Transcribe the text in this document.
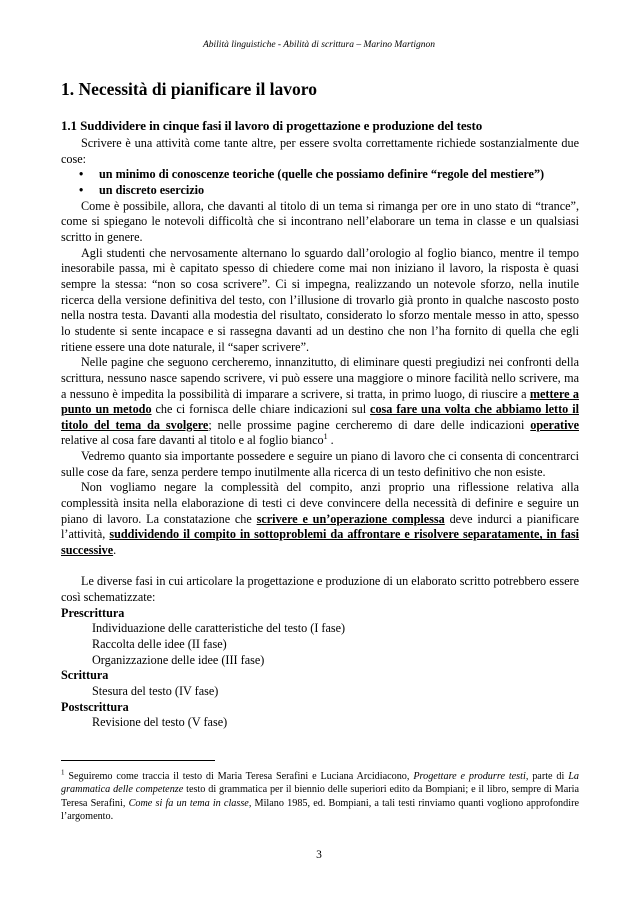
Abilità linguistiche - Abilità di scrittura – Marino Martignon
1. Necessità di pianificare il lavoro
1.1 Suddividere in cinque fasi il lavoro di progettazione e produzione del testo

Scrivere è una attività come tante altre, per essere svolta correttamente richiede sostanzialmente due cose:

• un minimo di conoscenze teoriche (quelle che possiamo definire “regole del mestiere”)
• un discreto esercizio

Come è possibile, allora, che davanti al titolo di un tema si rimanga per ore in uno stato di “trance”, come si spiegano le notevoli difficoltà che si incontrano nell’elaborare un tema in classe e un qualsiasi scritto in genere.

Agli studenti che nervosamente alternano lo sguardo dall’orologio al foglio bianco, mentre il tempo inesorabile passa, mi è capitato spesso di chiedere come mai non iniziano il lavoro, la risposta è quasi sempre la stessa: “non so cosa scrivere”. Ci si impegna, realizzando un notevole sforzo, nella inutile ricerca della versione definitiva del testo, con l’illusione di trovarlo già pronto in qualche nascosto posto nella nostra testa. Davanti alla modestia del risultato, considerato lo sforzo mentale messo in atto, spesso lo studente si sente incapace e si rassegna davanti ad un destino che non l’ha fornito di quella che egli ritiene essere una dote naturale, il “saper scrivere”.

Nelle pagine che seguono cercheremo, innanzitutto, di eliminare questi pregiudizi nei confronti della scrittura, nessuno nasce sapendo scrivere, vi può essere una maggiore o minore facilità nello scrivere, ma a nessuno è impedita la possibilità di imparare a scrivere, si tratta, in primo luogo, di riuscire a mettere a punto un metodo che ci fornisca delle chiare indicazioni sul cosa fare una volta che abbiamo letto il titolo del tema da svolgere; nelle prossime pagine cercheremo di dare delle indicazioni operative relative al cosa fare davanti al titolo e al foglio bianco$^1$ .

Vedremo quanto sia importante possedere e seguire un piano di lavoro che ci consenta di concentrarci sulle cose da fare, senza perdere tempo inutilmente alla ricerca di un testo definitivo che non esiste.

Non vogliamo negare la complessità del compito, anzi proprio una riflessione relativa alla complessità insita nella elaborazione di testi ci deve convincere della necessità di definire e seguire un piano di lavoro. La constatazione che scrivere e un’operazione complessa deve indurci a pianificare l’attività, suddividendo il compito in sottoproblemi da affrontare e risolvere separatamente, in fasi successive.

Le diverse fasi in cui articolare la progettazione e produzione di un elaborato scritto potrebbero essere così schematizzate:

Prescrittura
Individuazione delle caratteristiche del testo (I fase)
Raccolta delle idee (II fase)
Organizzazione delle idee (III fase)
Scrittura
Stesura del testo (IV fase)
Postscrittura
Revisione del testo (V fase)
$^1$ Seguiremo come traccia il testo di Maria Teresa Serafini e Luciana Arcidiacono, Progettare e produrre testi, parte di La grammatica delle competenze testo di grammatica per il biennio delle superiori edito da Bompiani; e il libro, sempre di Maria Teresa Serafini, Come si fa un tema in classe, Milano 1985, ed. Bompiani, a tali testi rinviamo quanti vogliono approfondire l’argomento.
3
